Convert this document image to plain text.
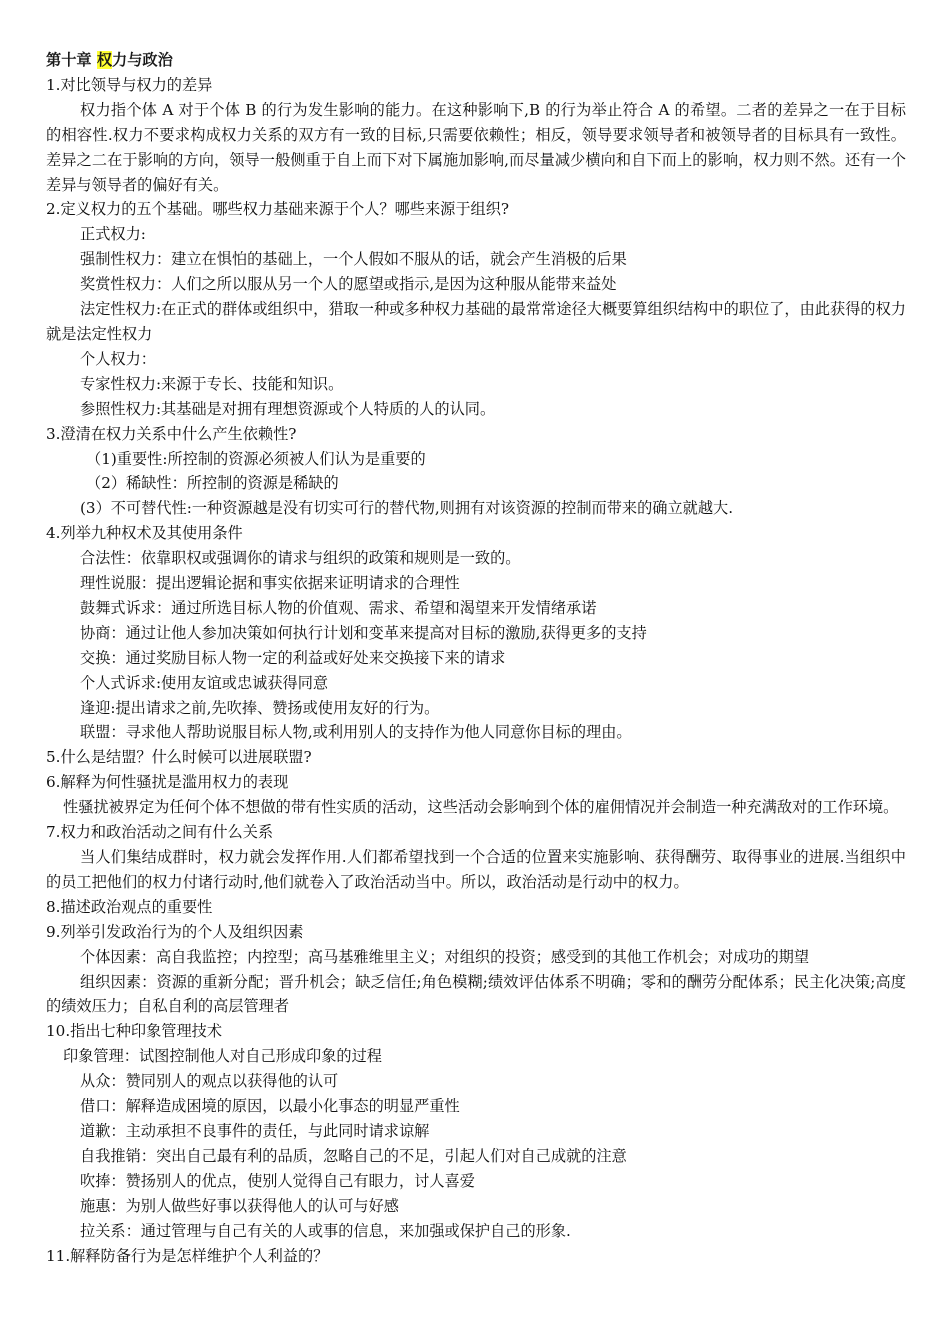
第十章 权力与政治
1.对比领导与权力的差异
权力指个体 A 对于个体 B 的行为发生影响的能力。在这种影响下,B 的行为举止符合 A 的希望。二者的差异之一在于目标的相容性.权力不要求构成权力关系的双方有一致的目标,只需要依赖性；相反，领导要求领导者和被领导者的目标具有一致性。差异之二在于影响的方向，领导一般侧重于自上而下对下属施加影响,而尽量减少横向和自下而上的影响，权力则不然。还有一个差异与领导者的偏好有关。
2.定义权力的五个基础。哪些权力基础来源于个人？哪些来源于组织?
正式权力:
强制性权力：建立在惧怕的基础上，一个人假如不服从的话，就会产生消极的后果
奖赏性权力：人们之所以服从另一个人的愿望或指示,是因为这种服从能带来益处
法定性权力:在正式的群体或组织中，猎取一种或多种权力基础的最常常途径大概要算组织结构中的职位了，由此获得的权力就是法定性权力
个人权力：
专家性权力:来源于专长、技能和知识。
参照性权力:其基础是对拥有理想资源或个人特质的人的认同。
3.澄清在权力关系中什么产生依赖性?
（1)重要性:所控制的资源必须被人们认为是重要的
（2）稀缺性：所控制的资源是稀缺的
(3）不可替代性:一种资源越是没有切实可行的替代物,则拥有对该资源的控制而带来的确立就越大.
4.列举九种权术及其使用条件
合法性：依靠职权或强调你的请求与组织的政策和规则是一致的。
理性说服：提出逻辑论据和事实依据来证明请求的合理性
鼓舞式诉求：通过所选目标人物的价值观、需求、希望和渴望来开发情绪承诺
协商：通过让他人参加决策如何执行计划和变革来提高对目标的激励,获得更多的支持
交换：通过奖励目标人物一定的利益或好处来交换接下来的请求
个人式诉求:使用友谊或忠诚获得同意
逢迎:提出请求之前,先吹捧、赞扬或使用友好的行为。
联盟：寻求他人帮助说服目标人物,或利用别人的支持作为他人同意你目标的理由。
5.什么是结盟？什么时候可以进展联盟?
6.解释为何性骚扰是滥用权力的表现
性骚扰被界定为任何个体不想做的带有性实质的活动，这些活动会影响到个体的雇佣情况并会制造一种充满敌对的工作环境。
7.权力和政治活动之间有什么关系
当人们集结成群时，权力就会发挥作用.人们都希望找到一个合适的位置来实施影响、获得酬劳、取得事业的进展.当组织中的员工把他们的权力付诸行动时,他们就卷入了政治活动当中。所以，政治活动是行动中的权力。
8.描述政治观点的重要性
9.列举引发政治行为的个人及组织因素
个体因素：高自我监控；内控型；高马基雅维里主义；对组织的投资；感受到的其他工作机会；对成功的期望
组织因素：资源的重新分配；晋升机会；缺乏信任;角色模糊;绩效评估体系不明确；零和的酬劳分配体系；民主化决策;高度的绩效压力；自私自利的高层管理者
10.指出七种印象管理技术
印象管理：试图控制他人对自己形成印象的过程
从众：赞同别人的观点以获得他的认可
借口：解释造成困境的原因，以最小化事态的明显严重性
道歉：主动承担不良事件的责任，与此同时请求谅解
自我推销：突出自己最有利的品质，忽略自己的不足，引起人们对自己成就的注意
吹捧：赞扬别人的优点，使别人觉得自己有眼力，讨人喜爱
施惠：为别人做些好事以获得他人的认可与好感
拉关系：通过管理与自己有关的人或事的信息，来加强或保护自己的形象.
11.解释防备行为是怎样维护个人利益的？
